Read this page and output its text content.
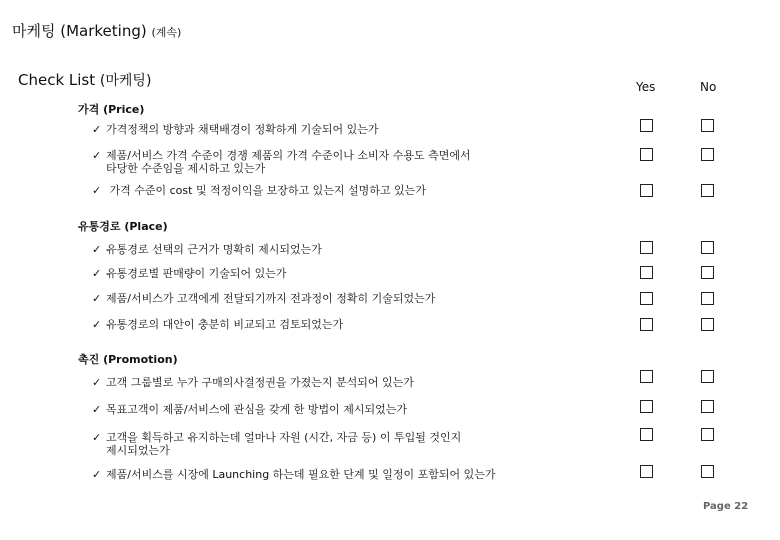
마케팅 (Marketing) (계속)
Check List (마케팅)	Yes	No
가격 (Price)
✓ 가격정책의 방향과 채택배경이 정확하게 기술되어 있는가
✓ 제품/서비스 가격 수준이 경쟁 제품의 가격 수준이나 소비자 수용도 측면에서
타당한 수준임을 제시하고 있는가
✓ 가격 수준이 cost 및 적정이익을 보장하고 있는지 설명하고 있는가
유통경로 (Place)
✓ 유통경로 선택의 근거가 명확히 제시되었는가
✓ 유통경로별 판매량이 기술되어 있는가
✓ 제품/서비스가 고객에게 전달되기까지 전과정이 정확히 기술되었는가
✓ 유통경로의 대안이 충분히 비교되고 검토되었는가
촉진 (Promotion)
✓ 고객 그룹별로 누가 구매의사결정권을 가졌는지 분석되어 있는가
✓ 목표고객이 제품/서비스에 관심을 갖게 한 방법이 제시되었는가
✓ 고객을 획득하고 유지하는데 얼마나 자원 (시간, 자금 등) 이 투입될 것인지
제시되었는가
✓ 제품/서비스를 시장에 Launching 하는데 필요한 단계 및 일정이 포함되어 있는가
Page 22
